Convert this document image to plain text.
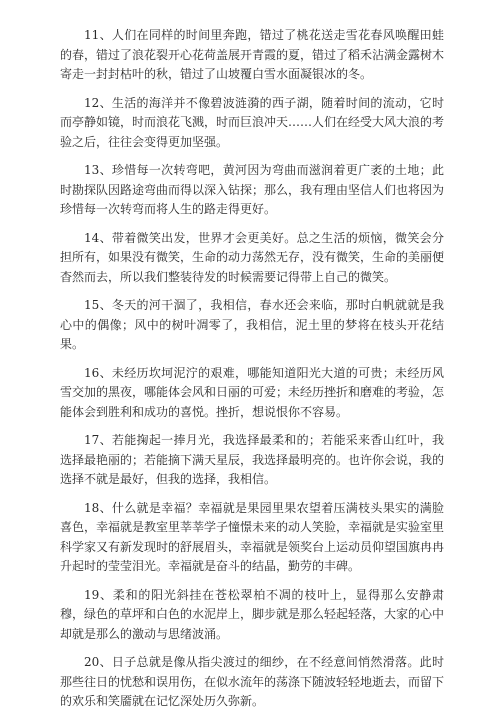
11、人们在同样的时间里奔跑，错过了桃花送走雪花春风唤醒田蛙的春，错过了浪花裂开心花荷盖展开青霞的夏，错过了稻禾沾满金露树木寄走一封封枯叶的秋，错过了山坡覆白雪水面凝银冰的冬。

12、生活的海洋并不像碧波涟漪的西子湖，随着时间的流动，它时而亭静如镜，时而浪花飞溅，时而巨浪冲天……人们在经受大风大浪的考验之后，往往会变得更加坚强。

13、珍惜每一次转弯吧，黄河因为弯曲而滋润着更广袤的土地；此时勘探队因路途弯曲而得以深入钻探；那么，我有理由坚信人们也将因为珍惜每一次转弯而将人生的路走得更好。

14、带着微笑出发，世界才会更美好。总之生活的烦恼，微笑会分担所有，如果没有微笑，生命的动力荡然无存，没有微笑，生命的美丽便杳然而去，所以我们整装待发的时候需要记得带上自己的微笑。

15、冬天的河干涸了，我相信，春水还会来临，那时白帆就就是我心中的偶像；风中的树叶凋零了，我相信，泥土里的梦将在枝头开花结果。

16、未经历坎坷泥泞的艰难，哪能知道阳光大道的可贵；未经历风雪交加的黑夜，哪能体会风和日丽的可爱；未经历挫折和磨难的考验，怎能体会到胜利和成功的喜悦。挫折，想说恨你不容易。

17、若能掬起一捧月光，我选择最柔和的；若能采来香山红叶，我选择最艳丽的；若能摘下满天星辰，我选择最明亮的。也许你会说，我的选择不就是最好，但我的选择，我相信。

18、什么就是幸福？幸福就是果园里果农望着压满枝头果实的满脸喜色，幸福就是教室里莘莘学子憧憬未来的动人笑脸，幸福就是实验室里科学家又有新发现时的舒展眉头，幸福就是领奖台上运动员仰望国旗冉冉升起时的莹莹泪光。幸福就是奋斗的结晶，勤劳的丰碑。

19、柔和的阳光斜挂在苍松翠柏不凋的枝叶上，显得那么安静肃穆，绿色的草坪和白色的水泥岸上，脚步就是那么轻起轻落，大家的心中却就是那么的激动与思绪波涌。

20、日子总就是像从指尖渡过的细纱，在不经意间悄然滑落。此时那些往日的忧愁和误用伤，在似水流年的荡涤下随波轻轻地逝去，而留下的欢乐和笑靥就在记忆深处历久弥新。
